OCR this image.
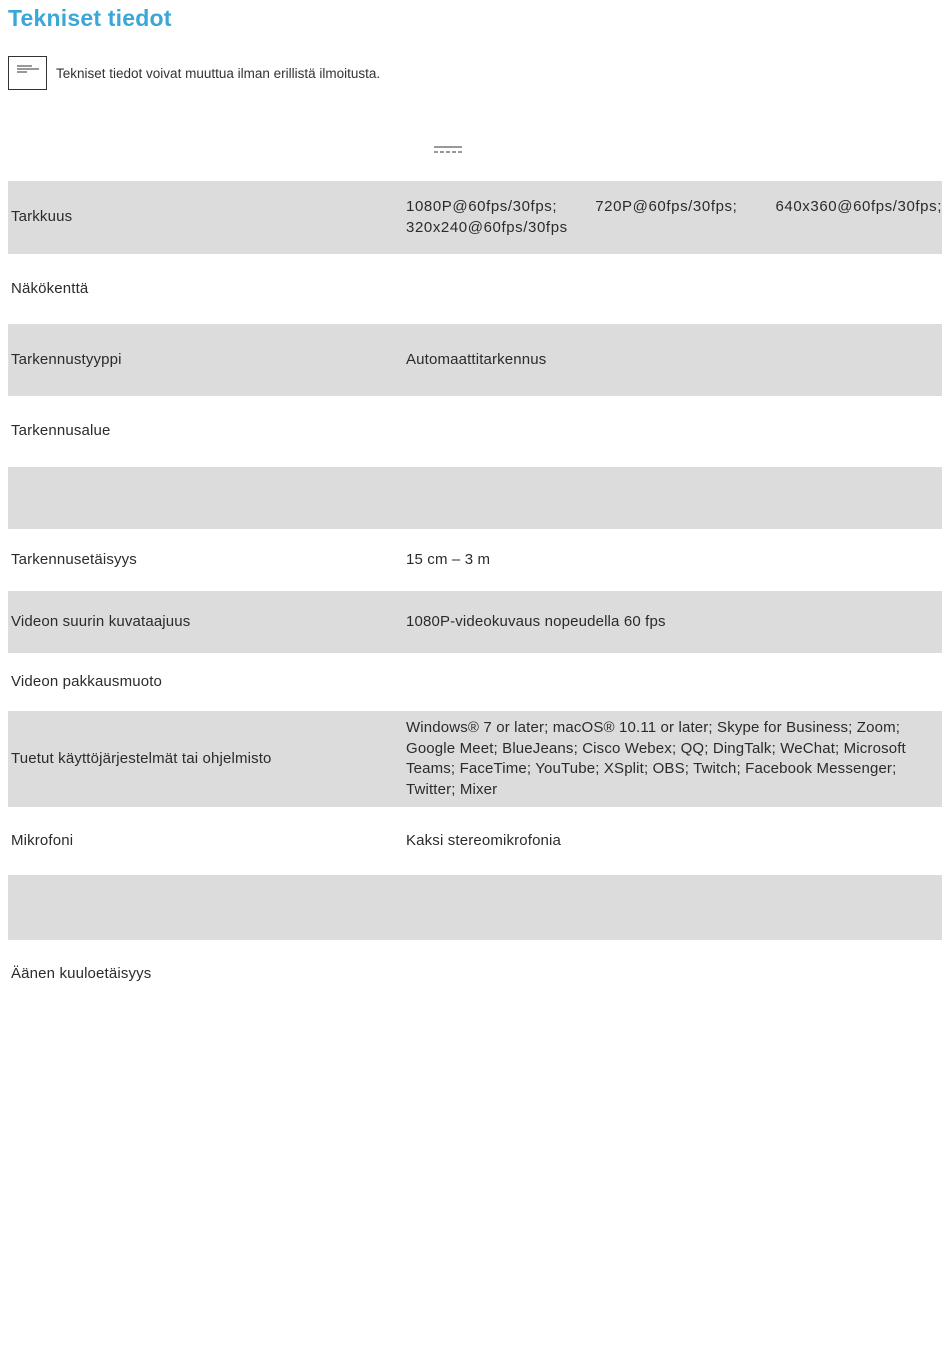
Tekniset tiedot
Tekniset tiedot voivat muuttua ilman erillistä ilmoitusta.
Tarkkuus	1080P@60fps/30fps; 720P@60fps/30fps; 640x360@60fps/30fps; 320x240@60fps/30fps
Näkökenttä	
Tarkennustyyppi	Automaattitarkennus
Tarkennusalue	

Tarkennusetäisyys	15 cm – 3 m
Videon suurin kuvataajuus	1080P-videokuvaus nopeudella 60 fps
Videon pakkausmuoto	
Tuetut käyttöjärjestelmät tai ohjelmisto	Windows® 7 or later; macOS® 10.11 or later; Skype for Business; Zoom; Google Meet; BlueJeans; Cisco Webex; QQ; DingTalk; WeChat; Microsoft Teams; FaceTime; YouTube; XSplit; OBS; Twitch; Facebook Messenger; Twitter; Mixer
Mikrofoni	Kaksi stereomikrofonia

Äänen kuuloetäisyys	
